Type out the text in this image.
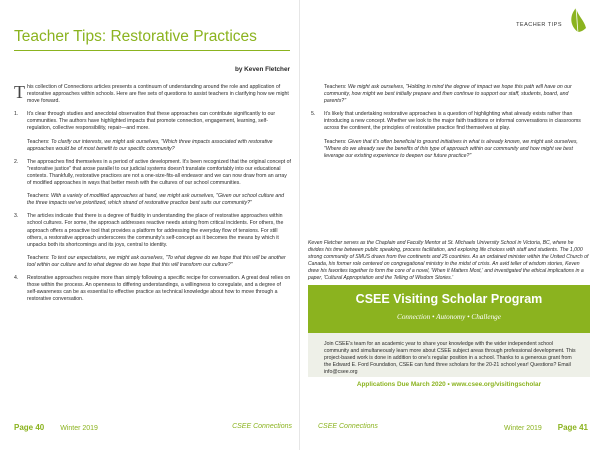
Teacher Tips: Restorative Practices
by Keven Fletcher

This collection of Connections articles presents a continuum of understanding around the role and application of restorative approaches within schools. Here are five sets of questions to assist teachers in clarifying how we might move forward.

1. It's clear through studies and anecdotal observation that these approaches can contribute significantly to our communities. The authors have highlighted impacts that promote connection, engagement, learning, self-regulation, collective responsibility, repair—and more.

Teachers: To clarify our interests, we might ask ourselves, "Which three impacts associated with restorative approaches would be of most benefit to our specific community?

2. The approaches find themselves in a period of active development. It's been recognized that the original concept of "restorative justice" that arose parallel to our judicial systems doesn't translate comfortably into our educational contexts. Thankfully, restorative practices are not a one-size-fits-all endeavor and we can now draw from an array of modified approaches in ways that better mesh with the cultures of our school communities.

Teachers: With a variety of modified approaches at hand, we might ask ourselves, "Given our school culture and the three impacts we've prioritized, which strand of restorative practice best suits our community?"

3. The articles indicate that there is a degree of fluidity in understanding the place of restorative approaches within school cultures. For some, the approach addresses reactive needs arising from critical incidents. For others, the approach offers a proactive tool that provides a platform for addressing the everyday flow of tensions. For still others, a restorative approach underscores the community's self-concept as it becomes the means by which it unpacks both its shortcomings and its joys, central to identity.

Teachers: To test our expectations, we might ask ourselves, "To what degree do we hope that this will be another tool within our culture and to what degree do we hope that this will transform our culture?"

4. Restorative approaches require more than simply following a specific recipe for conversation. A great deal relies on those within the process. An openness to differing understandings, a willingness to coregulate, and a degree of self-awareness can be as essential to effective practice as technical knowledge about how to move through a restorative conversation.

Page 40 Winter 2019	CSEE Connections
TEACHER TIPS

Teachers: We might ask ourselves, "Holding in mind the degree of impact we hope this path will have on our community, how might we best initially prepare and then continue to support our staff, students, board, and parents?"

5. It's likely that undertaking restorative approaches is a question of highlighting what already exists rather than introducing a new concept. Whether we look to the major faith traditions or informal conversations in classrooms across the continent, the principles of restorative practice find themselves at play.

Teachers: Given that it's often beneficial to ground initiatives in what is already known, we might ask ourselves, "Where do we already see the benefits of this type of approach within our community and how might we best leverage our existing experience to deepen our future practice?"

Keven Fletcher serves as the Chaplain and Faculty Mentor at St. Michaels University School in Victoria, BC, where he divides his time between public speaking, process facilitation, and exploring life choices with staff and students. The 1,000 strong community of SMUS draws from five continents and 25 countries. As an ordained minister within the United Church of Canada, his former role centered on congregational ministry in the midst of crisis. An avid teller of wisdom stories, Keven drew his favorites together to form the core of a novel, 'When It Matters Most,' and investigated the ethical implications in a paper, 'Cultural Appropriation and the Telling of Wisdom Stories.'
CSEE Visiting Scholar Program
Connection • Autonomy • Challenge
Join CSEE's team for an academic year to share your knowledge with the wider independent school community and simultaneously learn more about CSEE subject areas through professional development. This project-based work is done in addition to one's regular position in a school. Thanks to a generous grant from the Edward E. Ford Foundation, CSEE can fund three scholars for the 20-21 school year! Questions? Email info@csee.org
Applications Due March 2020 • www.csee.org/visitingscholar
CSEE Connections	Winter 2019 Page 41
